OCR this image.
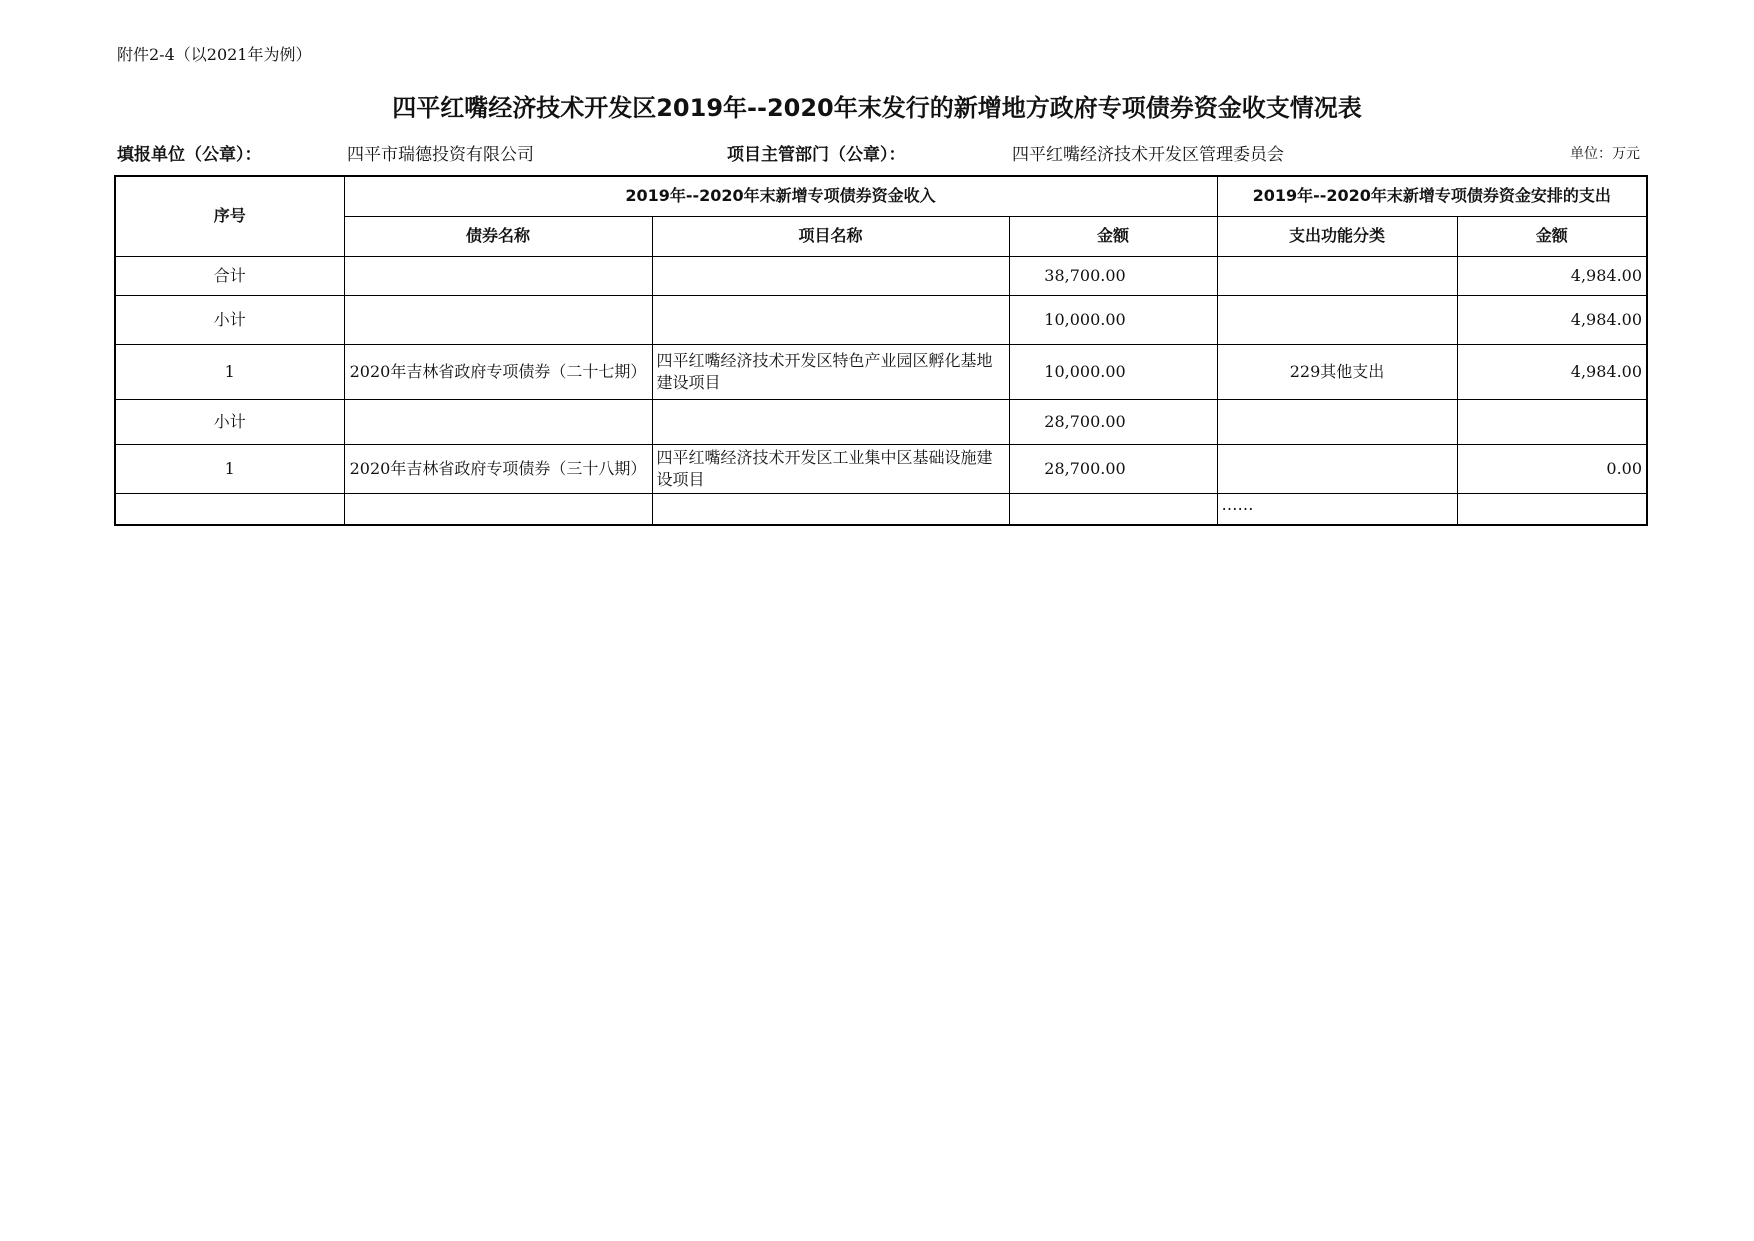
附件2-4（以2021年为例）
四平红嘴经济技术开发区2019年--2020年末发行的新增地方政府专项债券资金收支情况表
填报单位（公章）：	四平市瑞德投资有限公司	项目主管部门（公章）：	四平红嘴经济技术开发区管理委员会	单位：万元
序号	2019年--2020年末新增专项债券资金收入			2019年--2020年末新增专项债券资金安排的支出	
	债券名称	项目名称	金额	支出功能分类	金额
合计			38,700.00		4,984.00
小计			10,000.00		4,984.00
1	2020年吉林省政府专项债券（二十七期）	四平红嘴经济技术开发区特色产业园区孵化基地建设项目	10,000.00	229其他支出	4,984.00
小计			28,700.00		
1	2020年吉林省政府专项债券（三十八期）	四平红嘴经济技术开发区工业集中区基础设施建设项目	28,700.00		0.00
				……	
